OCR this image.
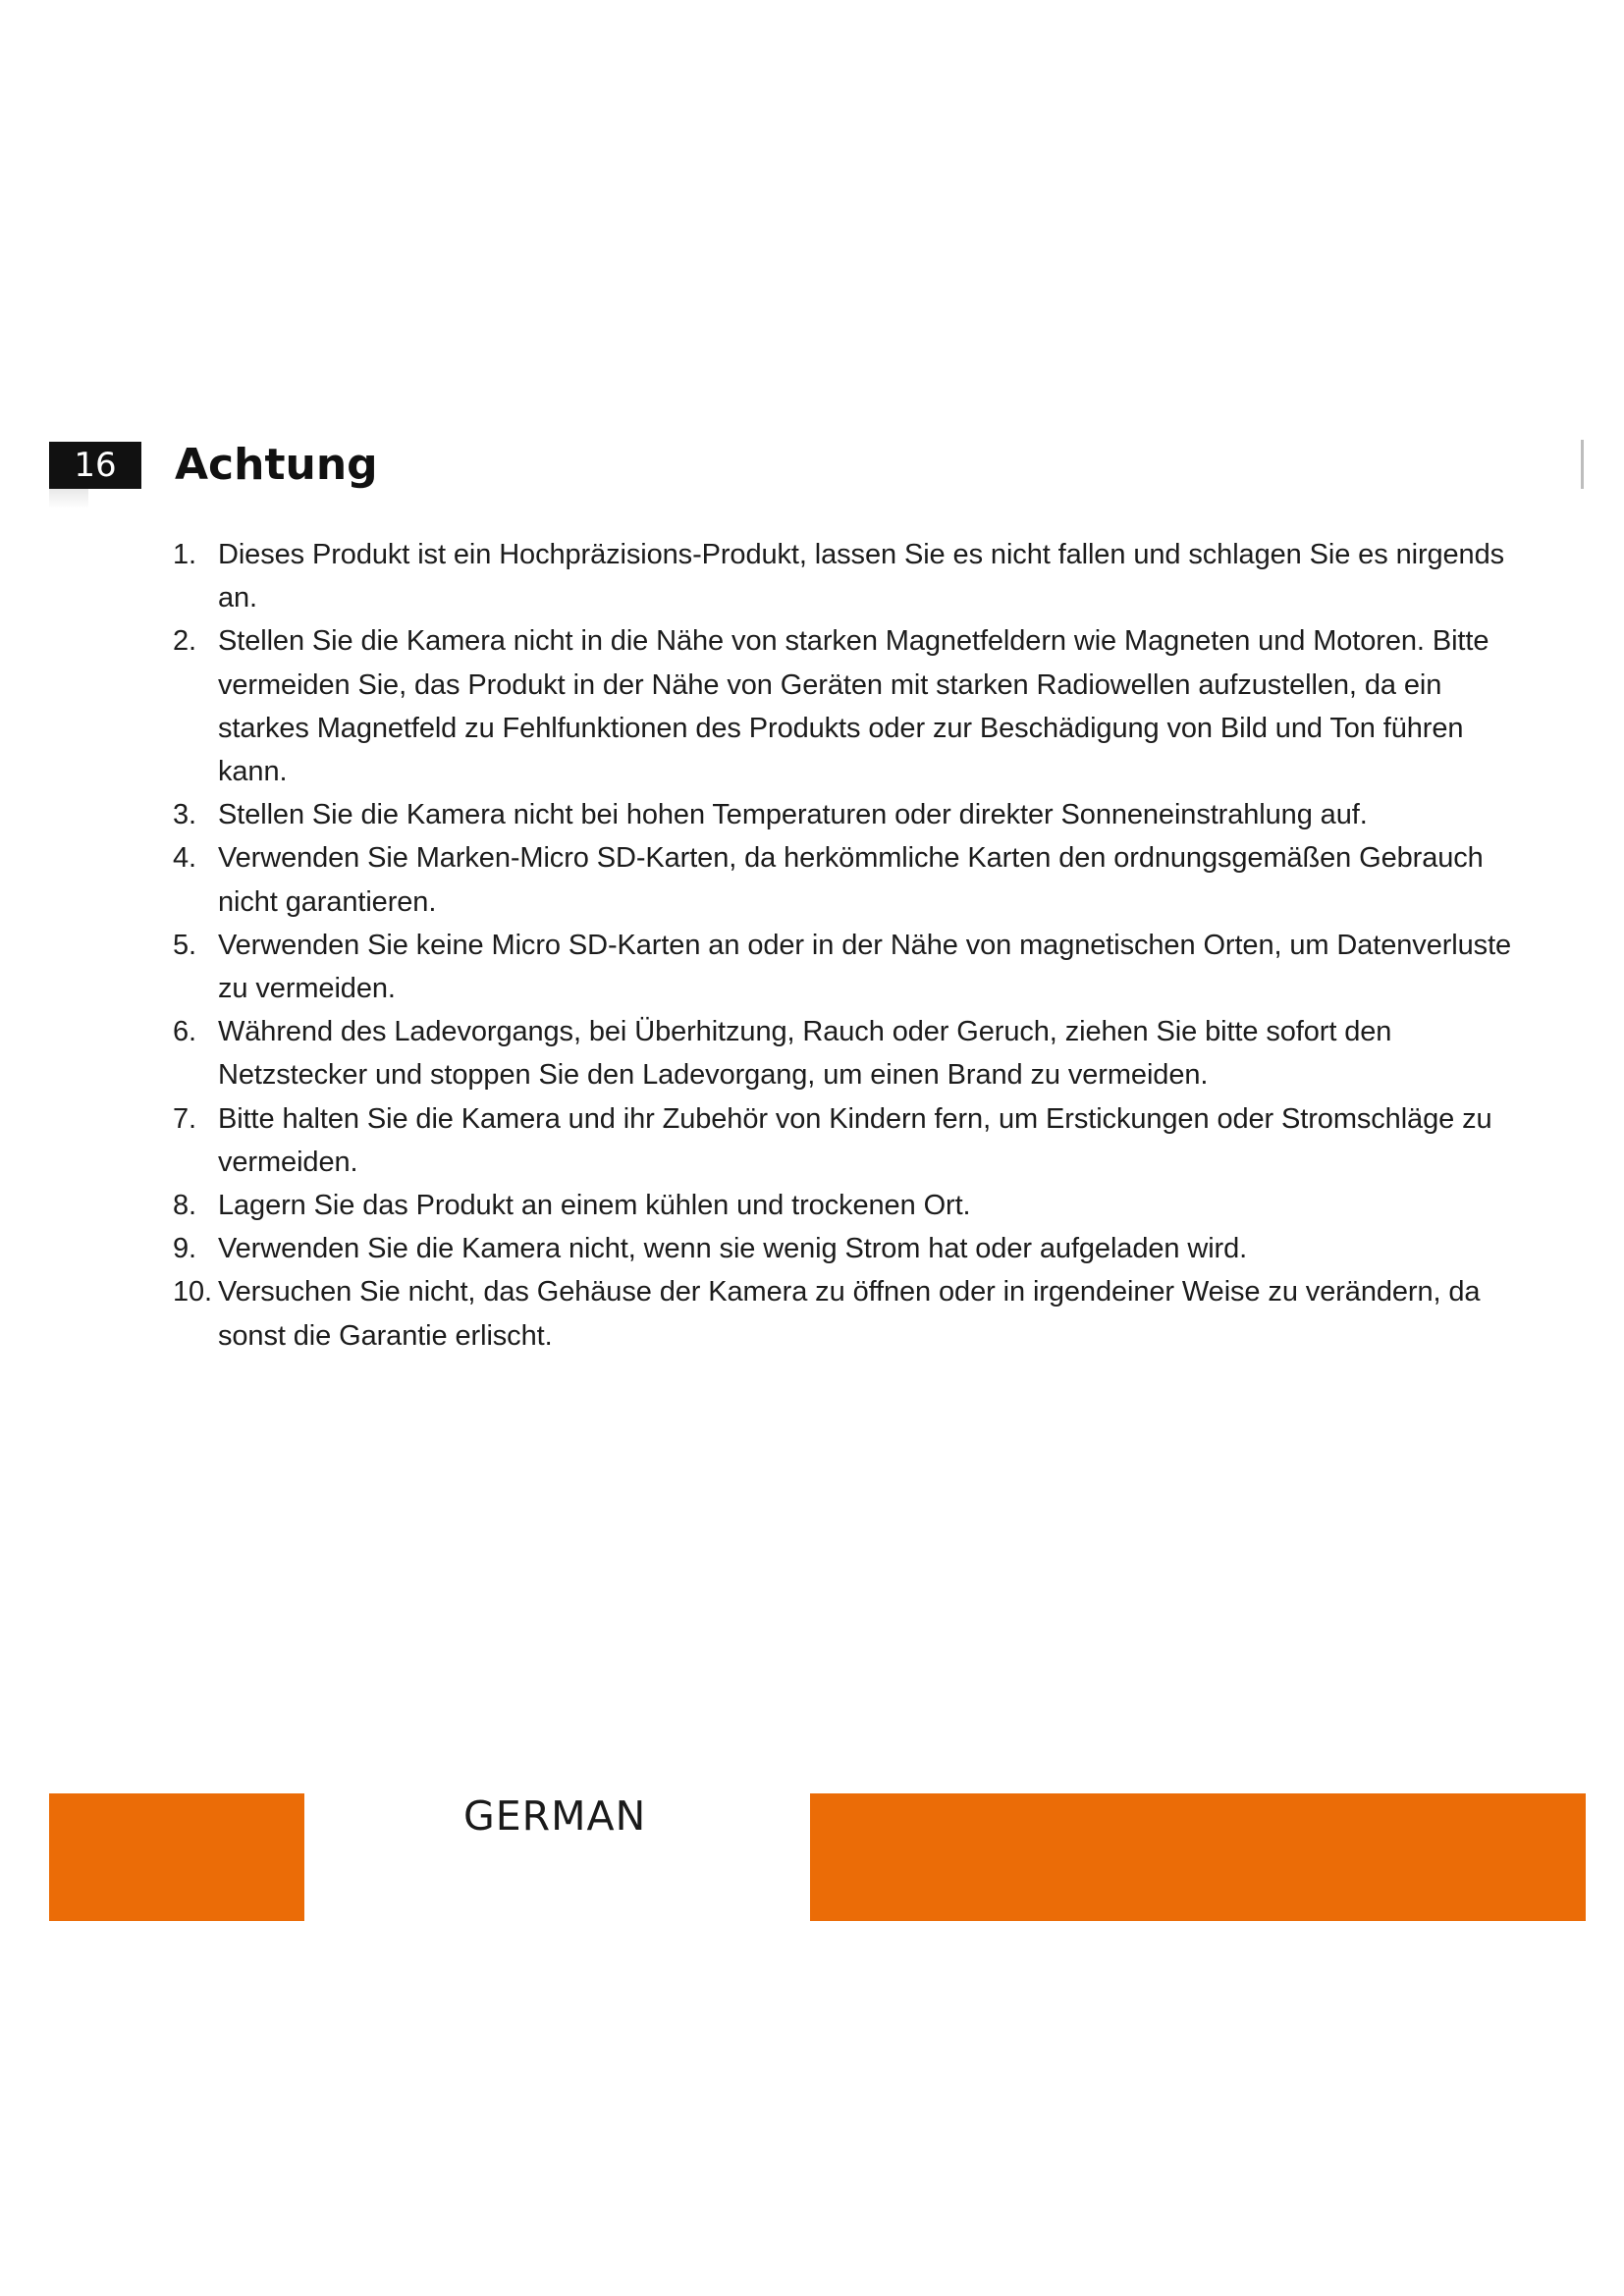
16	Achtung
1. Dieses Produkt ist ein Hochpräzisions-Produkt, lassen Sie es nicht fallen und schlagen Sie es nirgends an.
2. Stellen Sie die Kamera nicht in die Nähe von starken Magnetfeldern wie Magneten und Motoren. Bitte vermeiden Sie, das Produkt in der Nähe von Geräten mit starken Radiowellen aufzustellen, da ein starkes Magnetfeld zu Fehlfunktionen des Produkts oder zur Beschädigung von Bild und Ton führen kann.
3. Stellen Sie die Kamera nicht bei hohen Temperaturen oder direkter Sonneneinstrahlung auf.
4. Verwenden Sie Marken-Micro SD-Karten, da herkömmliche Karten den ordnungsgemäßen Gebrauch nicht garantieren.
5. Verwenden Sie keine Micro SD-Karten an oder in der Nähe von magnetischen Orten, um Datenverluste zu vermeiden.
6. Während des Ladevorgangs, bei Überhitzung, Rauch oder Geruch, ziehen Sie bitte sofort den Netzstecker und stoppen Sie den Ladevorgang, um einen Brand zu vermeiden.
7. Bitte halten Sie die Kamera und ihr Zubehör von Kindern fern, um Erstickungen oder Stromschläge zu vermeiden.
8. Lagern Sie das Produkt an einem kühlen und trockenen Ort.
9. Verwenden Sie die Kamera nicht, wenn sie wenig Strom hat oder aufgeladen wird.
10. Versuchen Sie nicht, das Gehäuse der Kamera zu öffnen oder in irgendeiner Weise zu verändern, da sonst die Garantie erlischt.
GERMAN
